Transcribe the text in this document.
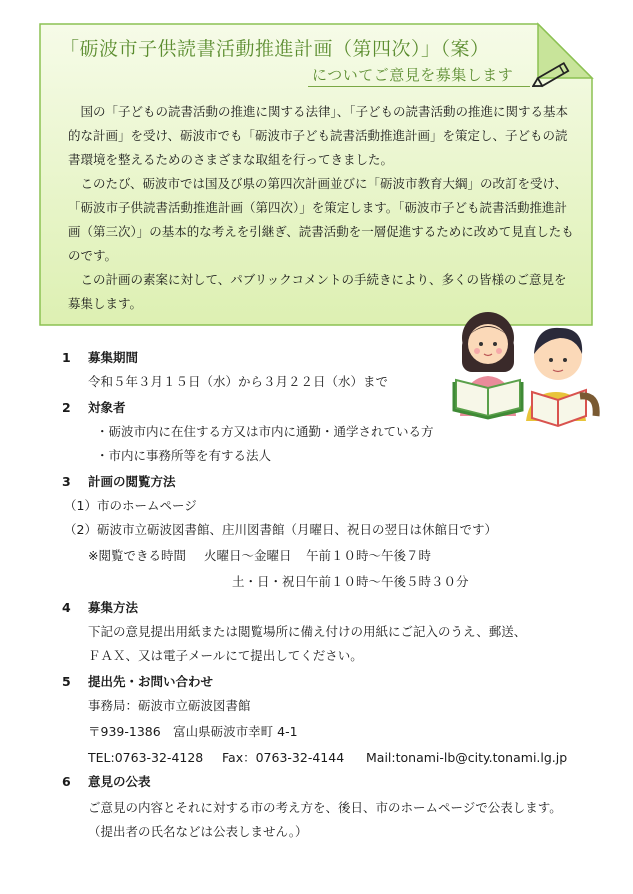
「砺波市子供読書活動推進計画（第四次）」（案）
についてご意見を募集します

国の「子どもの読書活動の推進に関する法律」、「子どもの読書活動の推進に関する基本的な計画」を受け、砺波市でも「砺波市子ども読書活動推進計画」を策定し、子どもの読書環境を整えるためのさまざまな取組を行ってきました。

このたび、砺波市では国及び県の第四次計画並びに「砺波市教育大綱」の改訂を受け、「砺波市子供読書活動推進計画（第四次）」を策定します。「砺波市子ども読書活動推進計画（第三次）」の基本的な考えを引継ぎ、読書活動を一層促進するために改めて見直したものです。

この計画の素案に対して、パブリックコメントの手続きにより、多くの皆様のご意見を募集します。

1 募集期間
令和５年３月１５日（水）から３月２２日（水）まで
2 対象者
・砺波市内に在住する方又は市内に通勤・通学されている方
・市内に事務所等を有する法人
3 計画の閲覧方法
（1）市のホームページ
（2）砺波市立砺波図書館、庄川図書館（月曜日、祝日の翌日は休館日です）
※閲覧できる時間 火曜日～金曜日 午前１０時～午後７時
土・日・祝日
午前１０時～午後５時３０分
4 募集方法
下記の意見提出用紙または閲覧場所に備え付けの用紙にご記入のうえ、郵送、
ＦＡＸ、又は電子メールにて提出してください。
5 提出先・お問い合わせ
事務局：砺波市立砺波図書館
〒939-1386　富山県砺波市幸町 4-1
TEL:0763-32-4128 Fax：0763-32-4144 Mail:tonami-lb@city.tonami.lg.jp
6 意見の公表
ご意見の内容とそれに対する市の考え方を、後日、市のホームページで公表します。
（提出者の氏名などは公表しません。）
